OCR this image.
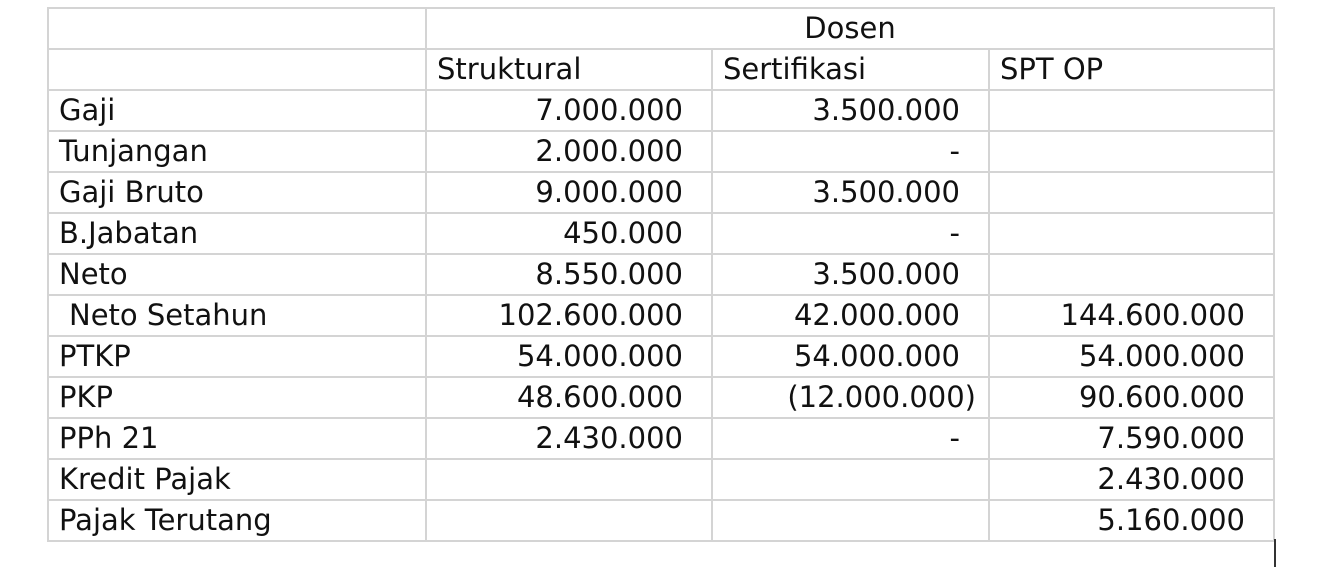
	Dosen		
	Struktural	Sertifikasi	SPT OP
Gaji	7.000.000	3.500.000	
Tunjangan	2.000.000	-	
Gaji Bruto	9.000.000	3.500.000	
B.Jabatan	450.000	-	
Neto	8.550.000	3.500.000	
Neto Setahun	102.600.000	42.000.000	144.600.000
PTKP	54.000.000	54.000.000	54.000.000
PKP	48.600.000	(12.000.000)	90.600.000
PPh 21	2.430.000	-	7.590.000
Kredit Pajak			2.430.000
Pajak Terutang			5.160.000
